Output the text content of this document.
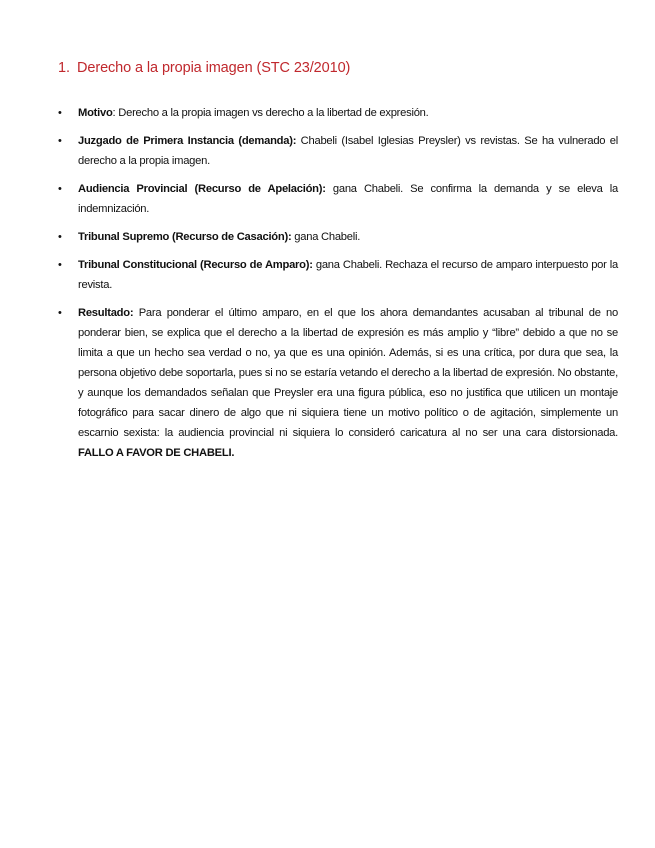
1. Derecho a la propia imagen (STC 23/2010)
• Motivo: Derecho a la propia imagen vs derecho a la libertad de expresión.
• Juzgado de Primera Instancia (demanda): Chabeli (Isabel Iglesias Preysler) vs revistas. Se ha vulnerado el derecho a la propia imagen.
• Audiencia Provincial (Recurso de Apelación): gana Chabeli. Se confirma la demanda y se eleva la indemnización.
• Tribunal Supremo (Recurso de Casación): gana Chabeli.
• Tribunal Constitucional (Recurso de Amparo): gana Chabeli. Rechaza el recurso de amparo interpuesto por la revista.
• Resultado: Para ponderar el último amparo, en el que los ahora demandantes acusaban al tribunal de no ponderar bien, se explica que el derecho a la libertad de expresión es más amplio y “libre” debido a que no se limita a que un hecho sea verdad o no, ya que es una opinión. Además, si es una crítica, por dura que sea, la persona objetivo debe soportarla, pues si no se estaría vetando el derecho a la libertad de expresión. No obstante, y aunque los demandados señalan que Preysler era una figura pública, eso no justifica que utilicen un montaje fotográfico para sacar dinero de algo que ni siquiera tiene un motivo político o de agitación, simplemente un escarnio sexista: la audiencia provincial ni siquiera lo consideró caricatura al no ser una cara distorsionada. FALLO A FAVOR DE CHABELI.
